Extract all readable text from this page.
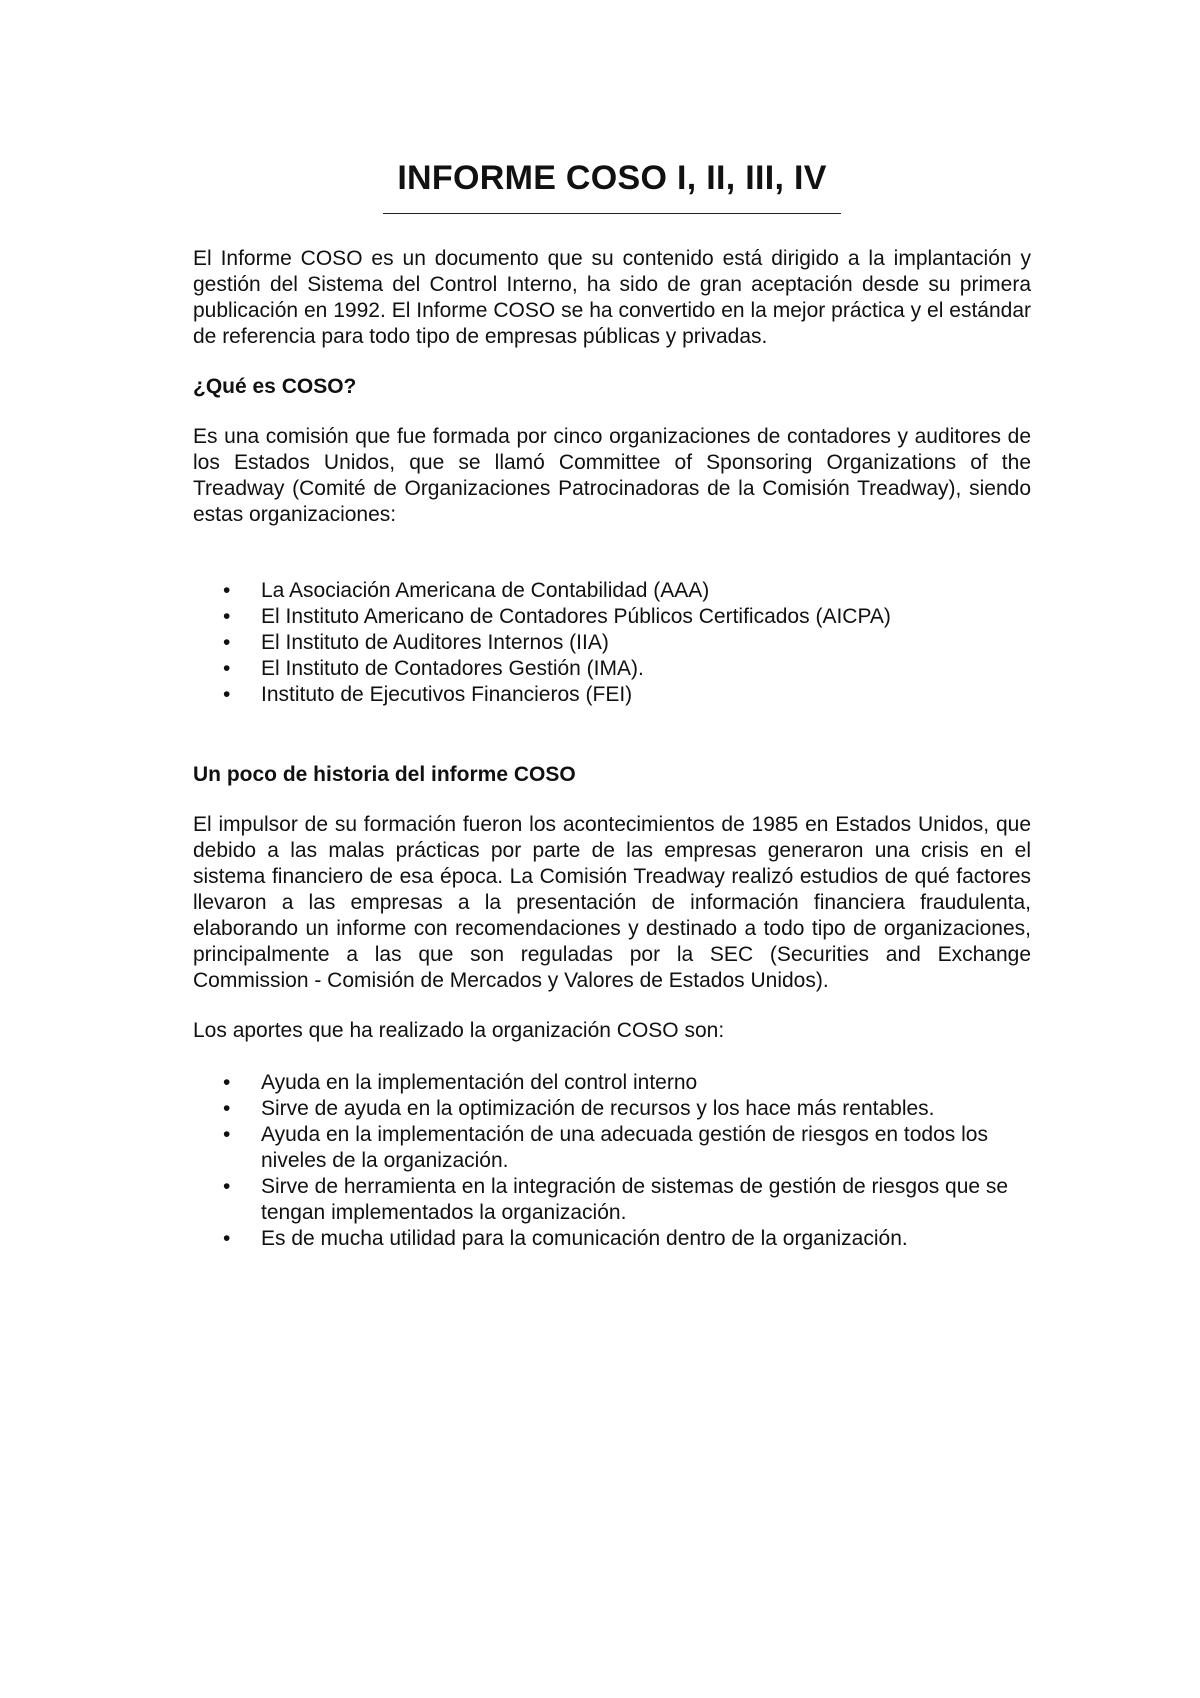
INFORME COSO I, II, III, IV

El Informe COSO es un documento que su contenido está dirigido a la implantación y gestión del Sistema del Control Interno, ha sido de gran aceptación desde su primera publicación en 1992. El Informe COSO se ha convertido en la mejor práctica y el estándar de referencia para todo tipo de empresas públicas y privadas.

¿Qué es COSO?

Es una comisión que fue formada por cinco organizaciones de contadores y auditores de los Estados Unidos, que se llamó Committee of Sponsoring Organizations of the Treadway (Comité de Organizaciones Patrocinadoras de la Comisión Treadway), siendo estas organizaciones:

• La Asociación Americana de Contabilidad (AAA)
• El Instituto Americano de Contadores Públicos Certificados (AICPA)
• El Instituto de Auditores Internos (IIA)
• El Instituto de Contadores Gestión (IMA).
• Instituto de Ejecutivos Financieros (FEI)
Un poco de historia del informe COSO

El impulsor de su formación fueron los acontecimientos de 1985 en Estados Unidos, que debido a las malas prácticas por parte de las empresas generaron una crisis en el sistema financiero de esa época. La Comisión Treadway realizó estudios de qué factores llevaron a las empresas a la presentación de información financiera fraudulenta, elaborando un informe con recomendaciones y destinado a todo tipo de organizaciones, principalmente a las que son reguladas por la SEC (Securities and Exchange Commission - Comisión de Mercados y Valores de Estados Unidos).

Los aportes que ha realizado la organización COSO son:

• Ayuda en la implementación del control interno
• Sirve de ayuda en la optimización de recursos y los hace más rentables.
• Ayuda en la implementación de una adecuada gestión de riesgos en todos los niveles de la organización.
• Sirve de herramienta en la integración de sistemas de gestión de riesgos que se tengan implementados la organización.
• Es de mucha utilidad para la comunicación dentro de la organización.
